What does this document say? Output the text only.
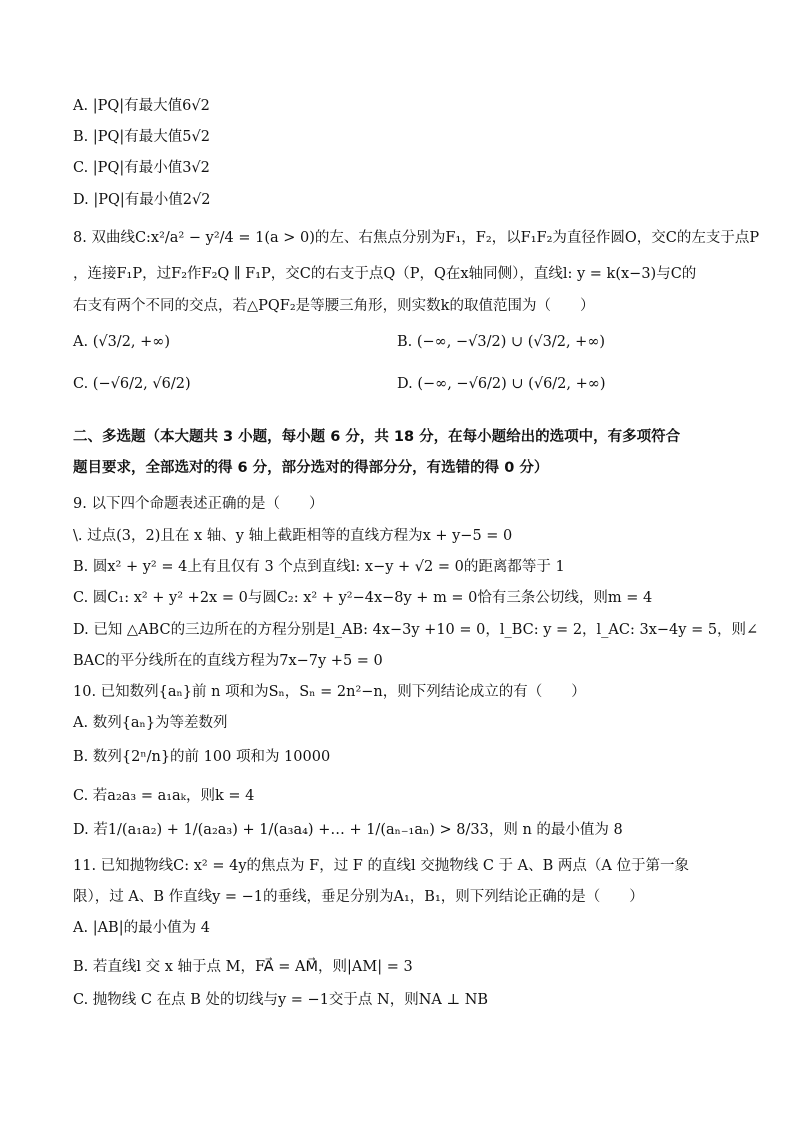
A. |PQ|有最大值6√2
B. |PQ|有最大值5√2
C. |PQ|有最小值3√2
D. |PQ|有最小值2√2
8. 双曲线C:x²/a² − y²/4 = 1(a > 0)的左、右焦点分别为F₁，F₂，以F₁F₂为直径作圆O，交C的左支于点P
，连接F₁P，过F₂作F₂Q ∥ F₁P，交C的右支于点Q（P，Q在x轴同侧），直线l: y = k(x−3)与C的
右支有两个不同的交点，若△PQF₂是等腰三角形，则实数k的取值范围为（　　）
A. (√3/2, +∞)	B. (−∞, −√3/2) ∪ (√3/2, +∞)
C. (−√6/2, √6/2)	D. (−∞, −√6/2) ∪ (√6/2, +∞)
二、多选题（本大题共 3 小题，每小题 6 分，共 18 分，在每小题给出的选项中，有多项符合
题目要求，全部选对的得 6 分，部分选对的得部分分，有选错的得 0 分）
9. 以下四个命题表述正确的是（　　）
\. 过点(3，2)且在 x 轴、y 轴上截距相等的直线方程为x + y−5 = 0
B. 圆x² + y² = 4上有且仅有 3 个点到直线l: x−y + √2 = 0的距离都等于 1
C. 圆C₁: x² + y² +2x = 0与圆C₂: x² + y²−4x−8y + m = 0恰有三条公切线，则m = 4
D. 已知 △ABC的三边所在的方程分别是l_AB: 4x−3y +10 = 0，l_BC: y = 2，l_AC: 3x−4y = 5，则∠
BAC的平分线所在的直线方程为7x−7y +5 = 0
10. 已知数列{aₙ}前 n 项和为Sₙ，Sₙ = 2n²−n，则下列结论成立的有（　　）
A. 数列{aₙ}为等差数列
B. 数列{2ⁿ/n}的前 100 项和为 10000
C. 若a₂a₃ = a₁aₖ，则k = 4
D. 若1/(a₁a₂) + 1/(a₂a₃) + 1/(a₃a₄) +… + 1/(aₙ₋₁aₙ) > 8/33，则 n 的最小值为 8
11. 已知抛物线C: x² = 4y的焦点为 F，过 F 的直线l 交抛物线 C 于 A、B 两点（A 位于第一象
限），过 A、B 作直线y = −1的垂线，垂足分别为A₁，B₁，则下列结论正确的是（　　）
A. |AB|的最小值为 4
B. 若直线l 交 x 轴于点 M，FA⃗ = AM⃗，则|AM| = 3
C. 抛物线 C 在点 B 处的切线与y = −1交于点 N，则NA ⊥ NB
